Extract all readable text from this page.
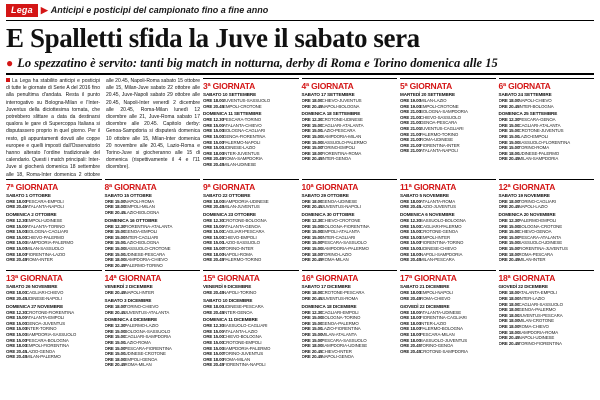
Lega ▶ Anticipi e posticipi del campionato fino a fine anno
E Spalletti sfida la Juve il sabato sera
● Lo spezzatino è servito: tanti big match in notturna, derby di Roma e Torino domenica alle 15

La Lega ha stabilito anticipi e posticipi di tutte le giornate di Serie A del 2016 fino alla penultima d'andata. Resta il punto interrogativo su Bologna-Milan e l'Inter-Juventus della diciottesima tornata, che potrebbero slittare a data da destinarsi qualora le gare di Supercoppa Italiana si disputassero proprio in quel giorno. Per il resto, gli appuntamenti dovuti alle coppe europee e quelli imposti dall'Osservatorio hanno alterato l'ordine tradizionale del calendario. Questi i match principali: Inter-Juve si giocherà domenica 18 settembre alle 18, Roma-Inter domenica 2 ottobre alle 20.45, Napoli-Roma sabato 15 ottobre alle 15, Milan-Juve sabato 22 ottobre alle 20.45, Juve-Napoli sabato 29 ottobre alle 20.45, Napoli-Inter venerdì 2 dicembre alle 20.45, Roma-Milan lunedì 12 dicembre alle 21, Juve-Roma sabato 17 dicembre alle 20.45. Capitolo derby: Genoa-Sampdoria si disputerà domenica 10 ottobre alle 15, Milan-Inter domenica 20 novembre alle 20.45, Lazio-Roma e Torino-Juve si giocheranno alle 15 di domenica (rispettivamente il 4 e l'11 dicembre).

3ª GIORNATA
SABATO 10 SETTEMBRE
ORE 18.00JUVENTUS-SASSUOLO
ORE 20.45EMPOLI-CROTONE
DOMENICA 11 SETTEMBRE
ORE 12.30PESCARA-TORINO
ORE 15.00ATALANTA-CHIEVO
ORE 15.00BOLOGNA-CAGLIARI
ORE 15.00GENOA-FIORENTINA
ORE 15.00PALERMO-NAPOLI
ORE 15.00UDINESE-LAZIO
ORE 18.00INTER-JUVENTUS
ORE 20.45ROMA-SAMPDORIA
ORE 20.45MILAN-UDINESE
4ª GIORNATA
SABATO 17 SETTEMBRE
ORE 18.00CHIEVO-JUVENTUS
ORE 20.45NAPOLI-BOLOGNA
DOMENICA 18 SETTEMBRE
ORE 12.30CROTONE-UDINESE
ORE 15.00CAGLIARI-ATALANTA
ORE 15.00LAZIO-PESCARA
ORE 15.00SAMPDORIA-MILAN
ORE 15.00SASSUOLO-PALERMO
ORE 15.00TORINO-EMPOLI
ORE 18.00FIORENTINA-ROMA
ORE 20.45INTER-GENOA
5ª GIORNATA
MARTEDÌ 20 SETTEMBRE
ORE 19.00MILAN-LAZIO
ORE 19.00EMPOLI-CROTONE
ORE 21.00BOLOGNA-SAMPDORIA
ORE 21.00CHIEVO-SASSUOLO
ORE 21.00GENOA-PESCARA
ORE 21.00JUVENTUS-CAGLIARI
ORE 21.00PALERMO-TORINO
ORE 21.00ROMA-UDINESE
ORE 21.00FIORENTINA-INTER
ORE 21.00ATALANTA-NAPOLI
6ª GIORNATA
SABATO 24 SETTEMBRE
ORE 18.00NAPOLI-CHIEVO
ORE 20.45INTER-BOLOGNA
DOMENICA 25 SETTEMBRE
ORE 12.30PESCARA-GENOA
ORE 15.00CAGLIARI-ATALANTA
ORE 15.00CROTONE-JUVENTUS
ORE 15.00LAZIO-EMPOLI
ORE 15.00SASSUOLO-FLORENTINA
ORE 15.00TORINO-ROMA
ORE 18.00UDINESE-PALERMO
ORE 20.45MILAN-SAMPDORIA
7ª GIORNATA
SABATO 1 OTTOBRE
ORE 18.00PESCARA-EMPOLI
ORE 20.45ATALANTA-NAPOLI
DOMENICA 2 OTTOBRE
ORE 12.30EMPOLI-UDINESE
ORE 15.00ATALANTA-TORINO
ORE 15.00BOLOGNA-CAGLIARI
ORE 15.00CHIEVO-PALERMO
ORE 15.00SAMPDORIA-PALERMO
ORE 15.00MILAN-SASSUOLO
ORE 18.00FIORENTINA-LAZIO
ORE 20.45ROMA-INTER
8ª GIORNATA
SABATO 15 OTTOBRE
ORE 15.00NAPOLI-ROMA
ORE 18.00EMPOLI-MILAN
ORE 20.45LAZIO-BOLOGNA
DOMENICA 16 OTTOBRE
ORE 12.30FIORENTINA-ATALANTA
ORE 15.00GENOA-EMPOLI
ORE 15.00INTER-CAGLIARI
ORE 15.00LAZIO-BOLOGNA
ORE 15.00SASSUOLO-CROTONE
ORE 15.00UDINESE-PESCARA
ORE 18.00SAMPDORIA-CHIEVO
ORE 20.45PALERMO-TORINO
9ª GIORNATA
SABATO 22 OTTOBRE
ORE 18.00SAMPDORIA-UDINESE
ORE 20.45MILAN-JUVENTUS
DOMENICA 23 OTTOBRE
ORE 12.30CROTONE-BOLOGNA
ORE 15.00ATALANTA-GENOA
ORE 15.00CAGLIARI-PESCARA
ORE 15.00CHIEVO-EMPOLI
ORE 15.00LAZIO-SASSUOLO
ORE 15.00TORINO-INTER
ORE 18.00NAPOLI-ROMA
ORE 20.45PALERMO-TORINO
10ª GIORNATA
SABATO 29 OTTOBRE
ORE 18.00GENOA-UDINESE
ORE 20.45JUVENTUS-NAPOLI
DOMENICA 30 OTTOBRE
ORE 12.30CHIEVO-CROTONE
ORE 15.00BOLOGNA-FIORENTINA
ORE 15.00EMPOLI-ATALANTA
ORE 15.00INTER-CAGLIARI
ORE 15.00PESCARA-SASSUOLO
ORE 15.00SAMPDORIA-PALERMO
ORE 18.00TORINO-LAZIO
ORE 20.45ROMA-MILAN
11ª GIORNATA
SABATO 5 NOVEMBRE
ORE 18.00ATALANTA-ROMA
ORE 20.45LAZIO-JUVENTUS
DOMENICA 6 NOVEMBRE
ORE 12.30SASSUOLO-BOLOGNA
ORE 15.00CAGLIARI-PALERMO
ORE 15.00CROTONE-GENOA
ORE 15.00EMPOLI-INTER
ORE 15.00FIORENTINA-TORINO
ORE 15.00UDINESE-CHIEVO
ORE 18.00NAPOLI-SAMPDORIA
ORE 20.45MILAN-PESCARA
12ª GIORNATA
SABATO 19 NOVEMBRE
ORE 18.00TORINO-CAGLIARI
ORE 20.45NAPOLI-LAZIO
DOMENICA 20 NOVEMBRE
ORE 12.30PALERMO-EMPOLI
ORE 15.00BOLOGNA-CROTONE
ORE 15.00CHIEVO-GENOA
ORE 15.00PESCARA-ATALANTA
ORE 15.00SASSUOLO-UDINESE
ORE 15.00FIORENTINA-JUVENTUS
ORE 18.00ROMA-PESCARA
ORE 20.45MILAN-INTER
13ª GIORNATA
SABATO 26 NOVEMBRE
ORE 18.00CAGLIARI-CHIEVO
ORE 20.45UDINESE-NAPOLI
DOMENICA 27 NOVEMBRE
ORE 12.30CROTONE-FIORENTINA
ORE 15.00ATALANTA-EMPOLI
ORE 15.00GENOA-JUVENTUS
ORE 15.00INTER-TORINO
ORE 15.00SAMPDORIA-SASSUOLO
ORE 15.00PESCARA-BOLOGNA
ORE 18.00EMPOLI-FIORENTINA
ORE 20.45LAZIO-GENOA
ORE 20.45MILAN-PALERMO
14ª GIORNATA
VENERDÌ 2 DICEMBRE
ORE 20.45NAPOLI-INTER
SABATO 3 DICEMBRE
ORE 18.00TORINO-CHIEVO
ORE 20.45JUVENTUS-ATALANTA
DOMENICA 4 DICEMBRE
ORE 12.30PALERMO-LAZIO
ORE 15.00BOLOGNA-SASSUOLO
ORE 15.00CAGLIARI-SAMPDORIA
ORE 15.00LAZIO-ROMA
ORE 15.00PESCARA-FIORENTINA
ORE 15.00UDINESE-CROTONE
ORE 18.00EMPOLI-GENOA
ORE 20.45ROMA-MILAN
15ª GIORNATA
VENERDÌ 9 DICEMBRE
ORE 20.45NAPOLI-TORINO
SABATO 10 DICEMBRE
ORE 18.00UDINESE-PESCARA
ORE 20.45INTER-GENOA
DOMENICA 11 DICEMBRE
ORE 12.30SASSUOLO-CAGLIARI
ORE 15.00ATALANTA-LAZIO
ORE 15.00CHIEVO-BOLOGNA
ORE 15.00CROTONE-EMPOLI
ORE 15.00SAMPDORIA-PALERMO
ORE 15.00TORINO-JUVENTUS
ORE 18.00ROMA-MILAN
ORE 20.45FIORENTINA-NAPOLI
16ª GIORNATA
SABATO 17 DICEMBRE
ORE 18.00CROTONE-PESCARA
ORE 20.45JUVENTUS-ROMA
DOMENICA 18 DICEMBRE
ORE 12.30CAGLIARI-EMPOLI
ORE 15.00BOLOGNA-TORINO
ORE 15.00GENOA-PALERMO
ORE 15.00LAZIO-FIORENTINA
ORE 15.00MILAN-ATALANTA
ORE 15.00PESCARA-SASSUOLO
ORE 18.00SAMPDORIA-UDINESE
ORE 20.45CHIEVO-INTER
ORE 20.45NAPOLI-GENOA
17ª GIORNATA
SABATO 21 DICEMBRE
ORE 18.00EMPOLI-NAPOLI
ORE 20.45ROMA-CHIEVO
GIOVEDÌ 22 DICEMBRE
ORE 18.00ATALANTA-UDINESE
ORE 18.00FIORENTINA-CAGLIARI
ORE 18.00INTER-LAZIO
ORE 18.00PALERMO-BOLOGNA
ORE 18.00PESCARA-MILAN
ORE 18.00SASSUOLO-JUVENTUS
ORE 20.45TORINO-GENOA
ORE 20.45CROTONE-SAMPDORIA
18ª GIORNATA
GIOVEDÌ 22 DICEMBRE
ORE 18.00ATALANTA-EMPOLI
ORE 18.00INTER-LAZIO
ORE 18.00CAGLIARI-SASSUOLO
ORE 18.00GENOA-PALERMO
ORE 18.00JUVENTUS-PESCARA
ORE 18.00MILAN-CROTONE
ORE 18.00ROMA-CHIEVO
ORE 18.00SAMPDORIA-ROMA
ORE 20.45NAPOLI-UDINESE
ORE 20.45TORINO-FIORENTINA
